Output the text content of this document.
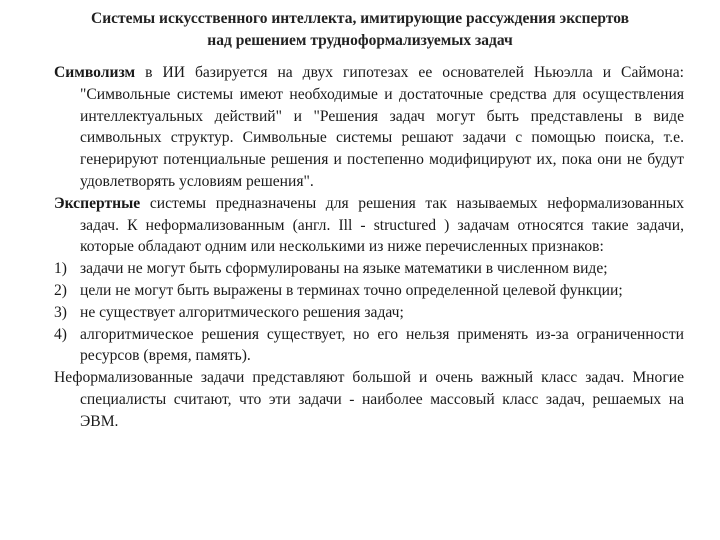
Системы искусственного интеллекта, имитирующие рассуждения экспертов
над решением трудноформализуемых задач

Символизм в ИИ базируется на двух гипотезах ее основателей Ньюэлла и Саймона: "Символьные системы имеют необходимые и достаточные средства для осуществления интеллектуальных действий" и "Решения задач могут быть представлены в виде символьных структур. Символьные системы решают задачи с помощью поиска, т.е. генерируют потенциальные решения и постепенно модифицируют их, пока они не будут удовлетворять условиям решения".

Экспертные системы предназначены для решения так называемых неформализованных задач. К неформализованным (англ. Ill - structured ) задачам относятся такие задачи, которые обладают одним или несколькими из ниже перечисленных признаков:

1) задачи не могут быть сформулированы на языке математики в численном виде;

2) цели не могут быть выражены в терминах точно определенной целевой функции;

3) не существует алгоритмического решения задач;

4) алгоритмическое решения существует, но его нельзя применять из-за ограниченности ресурсов (время, память).

Неформализованные задачи представляют большой и очень важный класс задач. Многие специалисты считают, что эти задачи - наиболее массовый класс задач, решаемых на ЭВМ.
